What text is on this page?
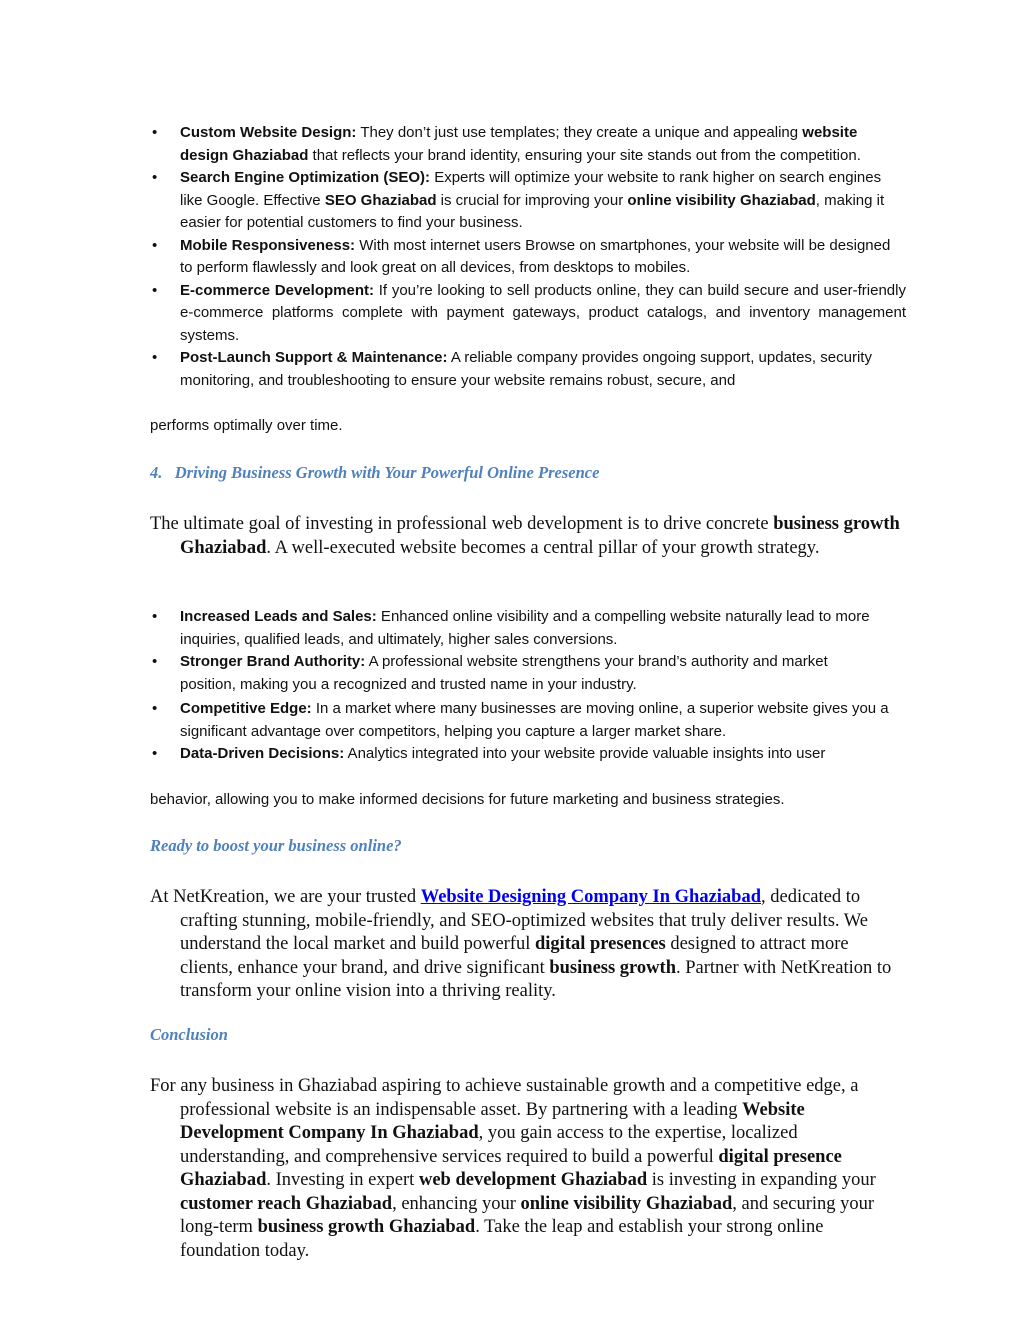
• Custom Website Design: They don’t just use templates; they create a unique and appealing website design Ghaziabad that reflects your brand identity, ensuring your site stands out from the competition.
• Search Engine Optimization (SEO): Experts will optimize your website to rank higher on search engines like Google. Effective SEO Ghaziabad is crucial for improving your online visibility Ghaziabad, making it easier for potential customers to find your business.
• Mobile Responsiveness: With most internet users Browse on smartphones, your website will be designed to perform flawlessly and look great on all devices, from desktops to mobiles.
• E-commerce Development: If you’re looking to sell products online, they can build secure and user-friendly e-commerce platforms complete with payment gateways, product catalogs, and inventory management systems.
• Post-Launch Support & Maintenance: A reliable company provides ongoing support, updates, security monitoring, and troubleshooting to ensure your website remains robust, secure, and
performs optimally over time.
4.   Driving Business Growth with Your Powerful Online Presence
The ultimate goal of investing in professional web development is to drive concrete business growth Ghaziabad. A well-executed website becomes a central pillar of your growth strategy.
• Increased Leads and Sales: Enhanced online visibility and a compelling website naturally lead to more inquiries, qualified leads, and ultimately, higher sales conversions.
• Stronger Brand Authority: A professional website strengthens your brand’s authority and market position, making you a recognized and trusted name in your industry.
• Competitive Edge: In a market where many businesses are moving online, a superior website gives you a significant advantage over competitors, helping you capture a larger market share.
• Data-Driven Decisions: Analytics integrated into your website provide valuable insights into user
behavior, allowing you to make informed decisions for future marketing and business strategies.
Ready to boost your business online?
At NetKreation, we are your trusted Website Designing Company In Ghaziabad, dedicated to crafting stunning, mobile-friendly, and SEO-optimized websites that truly deliver results. We understand the local market and build powerful digital presences designed to attract more clients, enhance your brand, and drive significant business growth. Partner with NetKreation to transform your online vision into a thriving reality.
Conclusion
For any business in Ghaziabad aspiring to achieve sustainable growth and a competitive edge, a professional website is an indispensable asset. By partnering with a leading Website Development Company In Ghaziabad, you gain access to the expertise, localized understanding, and comprehensive services required to build a powerful digital presence Ghaziabad. Investing in expert web development Ghaziabad is investing in expanding your customer reach Ghaziabad, enhancing your online visibility Ghaziabad, and securing your long-term business growth Ghaziabad. Take the leap and establish your strong online foundation today.
